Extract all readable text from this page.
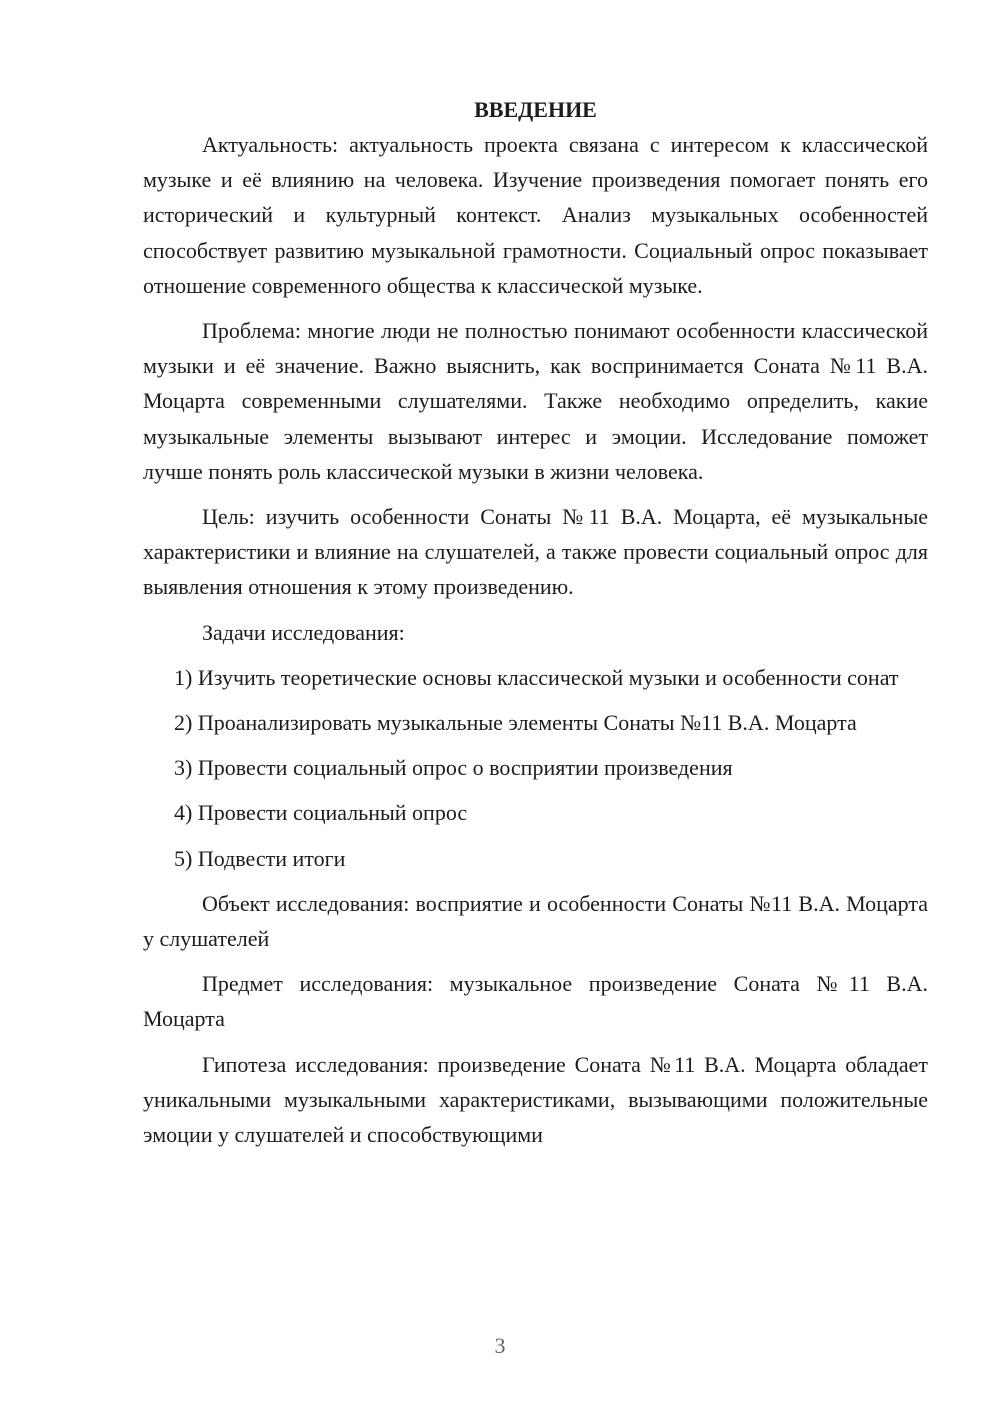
ВВЕДЕНИЕ

Актуальность: актуальность проекта связана с интересом к классической музыке и её влиянию на человека. Изучение произведения помогает понять его исторический и культурный контекст. Анализ музыкальных особенностей способствует развитию музыкальной грамотности. Социальный опрос показывает отношение современного общества к классической музыке.

Проблема: многие люди не полностью понимают особенности классической музыки и её значение. Важно выяснить, как воспринимается Соната №11 В.А. Моцарта современными слушателями. Также необходимо определить, какие музыкальные элементы вызывают интерес и эмоции. Исследование поможет лучше понять роль классической музыки в жизни человека.

Цель: изучить особенности Сонаты №11 В.А. Моцарта, её музыкальные характеристики и влияние на слушателей, а также провести социальный опрос для выявления отношения к этому произведению.

Задачи исследования:

1) Изучить теоретические основы классической музыки и особенности сонат

2) Проанализировать музыкальные элементы Сонаты №11 В.А. Моцарта

3) Провести социальный опрос о восприятии произведения

4) Провести социальный опрос

5) Подвести итоги

Объект исследования: восприятие и особенности Сонаты №11 В.А. Моцарта у слушателей

Предмет исследования: музыкальное произведение Соната №11 В.А. Моцарта

Гипотеза исследования: произведение Соната №11 В.А. Моцарта обладает уникальными музыкальными характеристиками, вызывающими положительные эмоции у слушателей и способствующими

3
